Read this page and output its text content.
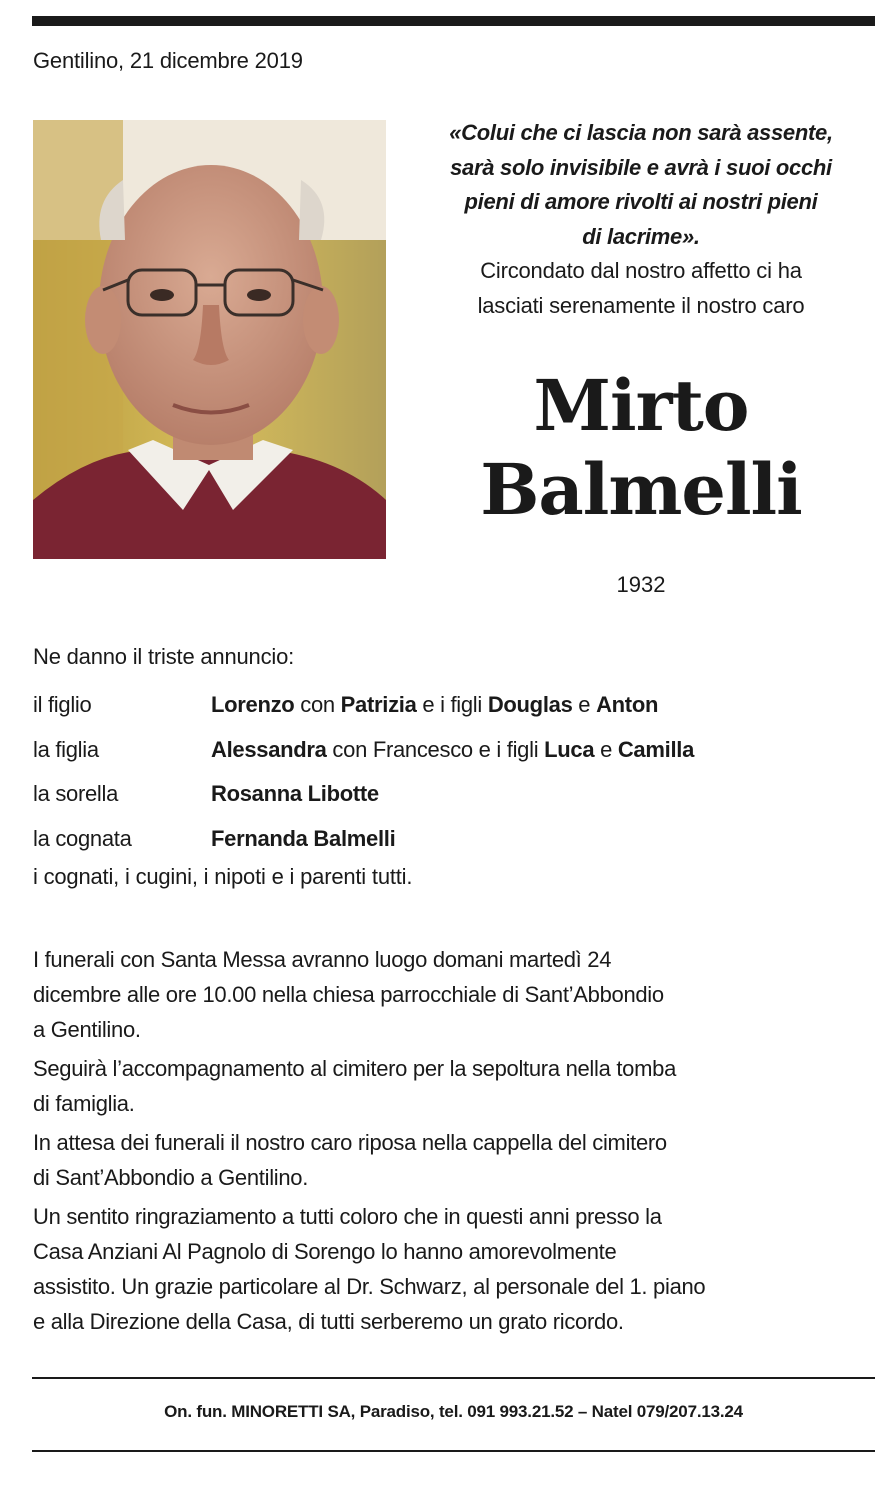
Gentilino, 21 dicembre 2019
«Colui che ci lascia non sarà assente,
sarà solo invisibile e avrà i suoi occhi
pieni di amore rivolti ai nostri pieni
di lacrime».
Circondato dal nostro affetto ci ha
lasciati serenamente il nostro caro
Mirto
Balmelli
1932
Ne danno il triste annuncio:
il figlio	Lorenzo con Patrizia e i figli Douglas e Anton
la figlia	Alessandra con Francesco e i figli Luca e Camilla
la sorella	Rosanna Libotte
la cognata	Fernanda Balmelli
i cognati, i cugini, i nipoti e i parenti tutti.

I funerali con Santa Messa avranno luogo domani martedì 24
dicembre alle ore 10.00 nella chiesa parrocchiale di Sant’Abbondio
a Gentilino.

Seguirà l’accompagnamento al cimitero per la sepoltura nella tomba
di famiglia.

In attesa dei funerali il nostro caro riposa nella cappella del cimitero
di Sant’Abbondio a Gentilino.

Un sentito ringraziamento a tutti coloro che in questi anni presso la
Casa Anziani Al Pagnolo di Sorengo lo hanno amorevolmente
assistito. Un grazie particolare al Dr. Schwarz, al personale del 1. piano
e alla Direzione della Casa, di tutti serberemo un grato ricordo.

On. fun. MINORETTI SA, Paradiso, tel. 091 993.21.52 – Natel 079/207.13.24
